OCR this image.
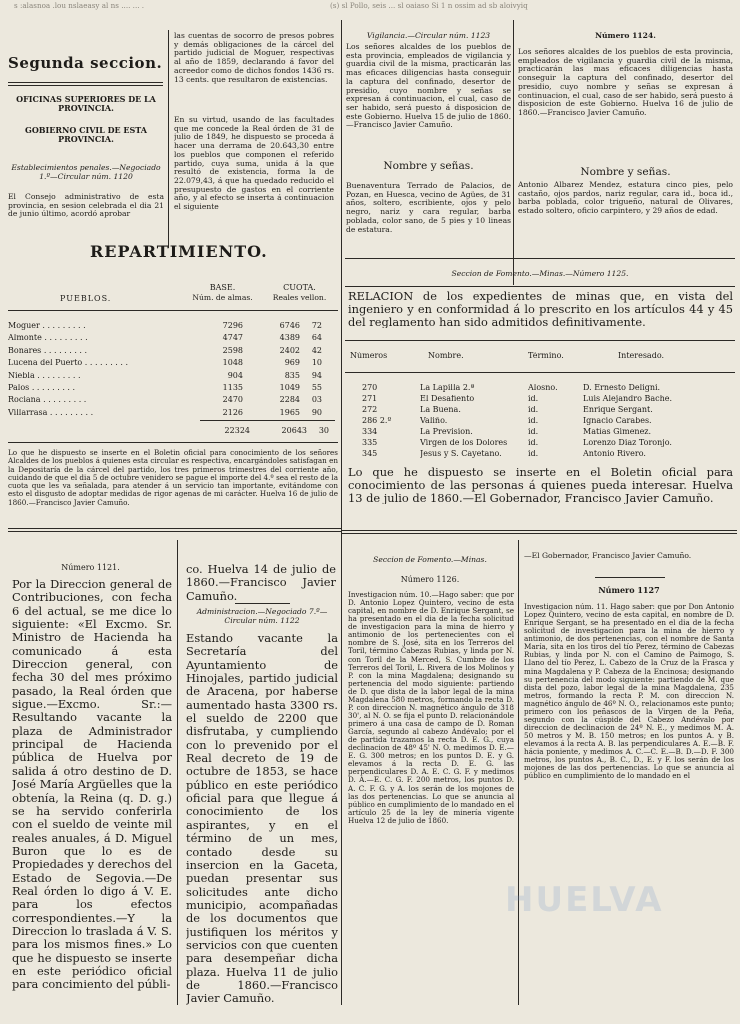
s :alasnoa .lou nslaeasy al ns .... ... .	(s) sl Pollo, seis ... sl oaiaso Si 1 n ossim ad sb aloivyiq

Segunda seccion.

OFICINAS SUPERIORES DE LA PROVINCIA.

GOBIERNO CIVIL DE ESTA PROVINCIA.

Establecimientos penales.—Negociado 1.º—Circular núm. 1120

El Consejo administrativo de esta provincia, en sesion celebrada el dia 21 de junio último, acordó aprobar

las cuentas de socorro de presos pobres y demás obligaciones de la cárcel del partido judicial de Moguer, respectivas al año de 1859, declarando á favor del acreedor como de dichos fondos 1436 rs. 13 cents. que resultaron de existencias.

En su virtud, usando de las facultades que me concede la Real órden de 31 de julio de 1849, he dispuesto se proceda á hacer una derrama de 20.643,30 entre los pueblos que componen el referido partido, cuya suma, unida á la que resultó de existencia, forma la de 22.079,43, á que ha quedado reducido el presupuesto de gastos en el corriente año, y al efecto se inserta á continuacion el siguiente

REPARTIMIENTO.

BASE.	CUOTA.

Núm. de almas.	Reales vellon.

PUEBLOS.

Moguer . . . . . . . . .	7296	6746	72
Almonte . . . . . . . . .	4747	4389	64
Bonares . . . . . . . . .	2598	2402	42
Lucena del Puerto . . . . . . . . .	1048	969	10
Niebla . . . . . . . . .	904	835	94
Palos . . . . . . . . .	1135	1049	55
Rociana . . . . . . . . .	2470	2284	03
Villarrasa . . . . . . . . .	2126	1965	90
22324	20643	30

Lo que he dispuesto se inserte en el Boletin oficial para conocimiento de los señores Alcaldes de los pueblos á quienes esta circular es respectiva, encargándoles satisfagan en la Depositaría de la cárcel del partido, los tres primeros trimestres del corriente año, cuidando de que el dia 5 de octubre venidero se pague el importe del 4.º sea el resto de la cuota que les va señalada, para atender á un servicio tan importante, evitándome con esto el disgusto de adoptar medidas de rigor agenas de mi carácter. Huelva 16 de julio de 1860.—Francisco Javier Camuño.

Vigilancia.—Circular núm. 1123

Los señores alcaldes de los pueblos de esta provincia, empleados de vigilancia y guardia civil de la misma, practicarán las mas eficaces diligencias hasta conseguir la captura del confinado, desertor de presidio, cuyo nombre y señas se expresan á continuacion, el cual, caso de ser habido, será puesto á disposicion de este Gobierno. Huelva 15 de julio de 1860.—Francisco Javier Camuño.

Nombre y señas.

Buenaventura Terrado de Palacios, de Pozan, en Huesca, vecino de Agües, de 31 años, soltero, escribiente, ojos y pelo negro, nariz y cara regular, barba poblada, color sano, de 5 pies y 10 lineas de estatura.

Número 1124.

Los señores alcaldes de los pueblos de esta provincia, empleados de vigilancia y guardia civil de la misma, practicarán las mas eficaces diligencias hasta conseguir la captura del confinado, desertor del presidio, cuyo nombre y señas se expresan á continuacion, el cual, caso de ser habido, será puesto á disposicion de este Gobierno. Huelva 16 de julio de 1860.—Francisco Javier Camuño.

Nombre y señas.

Antonio Albarez Mendez, estatura cinco pies, pelo castaño, ojos pardos, nariz regular, cara id., boca id., barba poblada, color trigueño, natural de Olivares, estado soltero, oficio carpintero, y 29 años de edad.

Seccion de Fomento.—Minas.—Número 1125.

RELACION de los expedientes de minas que, en vista del ingeniero y en conformidad á lo prescrito en los artículos 44 y 45 del reglamento han sido admitidos definitivamente.

Números	Nombre.	Término.	Interesado.
270	La Lapilla 2.ª	Alosno.	D. Ernesto Deligni.
271	El Desafiento	id.	Luis Alejandro Bache.
272	La Buena.	id.	Enrique Sergant.
286 2.º	Valiño.	id.	Ignacio Carabes.
334	La Prevision.	id.	Matías Gimenez.
335	Virgen de los Dolores	id.	Lorenzo Diaz Toronjo.
345	Jesus y S. Cayetano.	id.	Antonio Rivero.

Lo que he dispuesto se inserte en el Boletin oficial para conocimiento de las personas á quienes pueda interesar. Huelva 13 de julio de 1860.—El Gobernador, Francisco Javier Camuño.

Número 1121.

Por la Direccion general de Contribuciones, con fecha 6 del actual, se me dice lo siguiente: «El Excmo. Sr. Ministro de Hacienda ha comunicado á esta Direccion general, con fecha 30 del mes próximo pasado, la Real órden que sigue.—Excmo. Sr.:—Resultando vacante la plaza de Administrador principal de Hacienda pública de Huelva por salida á otro destino de D. José María Argüelles que la obtenía, la Reina (q. D. g.) se ha servido conferirla con el sueldo de veinte mil reales anuales, á D. Miguel Buron que lo es de Propiedades y derechos del Estado de Segovia.—De Real órden lo digo á V. E. para los efectos correspondientes.—Y la Direccion lo traslada á V. S. para los mismos fines.» Lo que he dispuesto se inserte en este periódico oficial para concimiento del públi-

co. Huelva 14 de julio de 1860.—Francisco Javier Camuño.

Administracion.—Negociado 7.º—Circular núm. 1122

Estando vacante la Secretaría del Ayuntamiento de Hinojales, partido judicial de Aracena, por haberse aumentado hasta 3300 rs. el sueldo de 2200 que disfrutaba, y cumpliendo con lo prevenido por el Real decreto de 19 de octubre de 1853, se hace público en este periódico oficial para que llegue á conocimiento de los aspirantes, y en el término de un mes, contado desde su insercion en la Gaceta, puedan presentar sus solicitudes ante dicho municipio, acompañadas de los documentos que justifiquen los méritos y servicios con que cuenten para desempeñar dicha plaza. Huelva 11 de julio de 1860.—Francisco Javier Camuño.

Seccion de Fomento.—Minas.

Número 1126.

Investigacion núm. 10.—Hago saber: que por D. Antonio Lopez Quintero, vecino de esta capital, en nombre de D. Enrique Sergant, se ha presentado en el dia de la fecha solicitud de investigacion para la mina de hierro y antimonio de los pertenecientes con el nombre de S. José, sita en los Terreros del Toril, término Cabezas Rubias, y linda por N. con Toril de la Merced, S. Cumbre de los Terreros del Toril, L. Rivera de los Molinos y P. con la mina Magdalena; designando su pertenencia del modo siguiente: partiendo de D. que dista de la labor legal de la mina Magdalena 580 metros, formando la recta D. P. con direccion N. magnético ángulo de 318 30', al N. O. se fija el punto D. relacionándole primero á una casa de campo de D. Roman García, segundo al cabezo Andévalo; por el de partida trazamos la recta D. E. G., cuya declinacion de 48º 45' N. O. medimos D. E.—E. G. 300 metros; en los puntos D. E. y G. elevamos á la recta D. E. G. las perpendiculares D. A. E. C. G. F. y medimos D. A.—E. C. G. F. 200 metros, los puntos D. A. C. F. G. y A. los serán de los mojones de las dos pertenencias. Lo que se anuncia al público en cumplimiento de lo mandado en el artículo 25 de la ley de minería vigente Huelva 12 de julio de 1860.

—El Gobernador, Francisco Javier Camuño.

Número 1127

Investigacion núm. 11. Hago saber: que por Don Antonio Lopez Quintero, vecino de esta capital, en nombre de D. Enrique Sergant, se ha presentado en el dia de la fecha solicitud de investigacion para la mina de hierro y antimonio, de dos pertenencias, con el nombre de Santa María, sita en los tiros del tío Perez, término de Cabezas Rubias, y linda por N. con el Camino de Paimogo, S. Llano del tío Perez, L. Cabezo de la Cruz de la Frasca y mina Magdalena y P. Cabeza de la Encinosa; designando su pertenencia del modo siguiente: partiendo de M. que dista del pozo, labor legal de la mina Magdalena, 235 metros, formando la recta P. M. con direccion N. magnético ángulo de 46º N. O., relacionamos este punto; primero con los peñascos de la Virgen de la Peña, segundo con la cúspide del Cabezo Andévalo por direccion de declinacion de 24º N. E., y medimos M. A. 50 metros y M. B. 150 metros; en los puntos A. y B. elevamos á la recta A. B. las perpendiculares A. E.—B. F. hácia poniente, y medimos A. C.—C. E.—B. D.—D. F. 300 metros, los puntos A., B. C., D., E. y F. los serán de los mojones de las dos pertenencias. Lo que se anuncia al público en cumplimiento de lo mandado en el

HUELVA
